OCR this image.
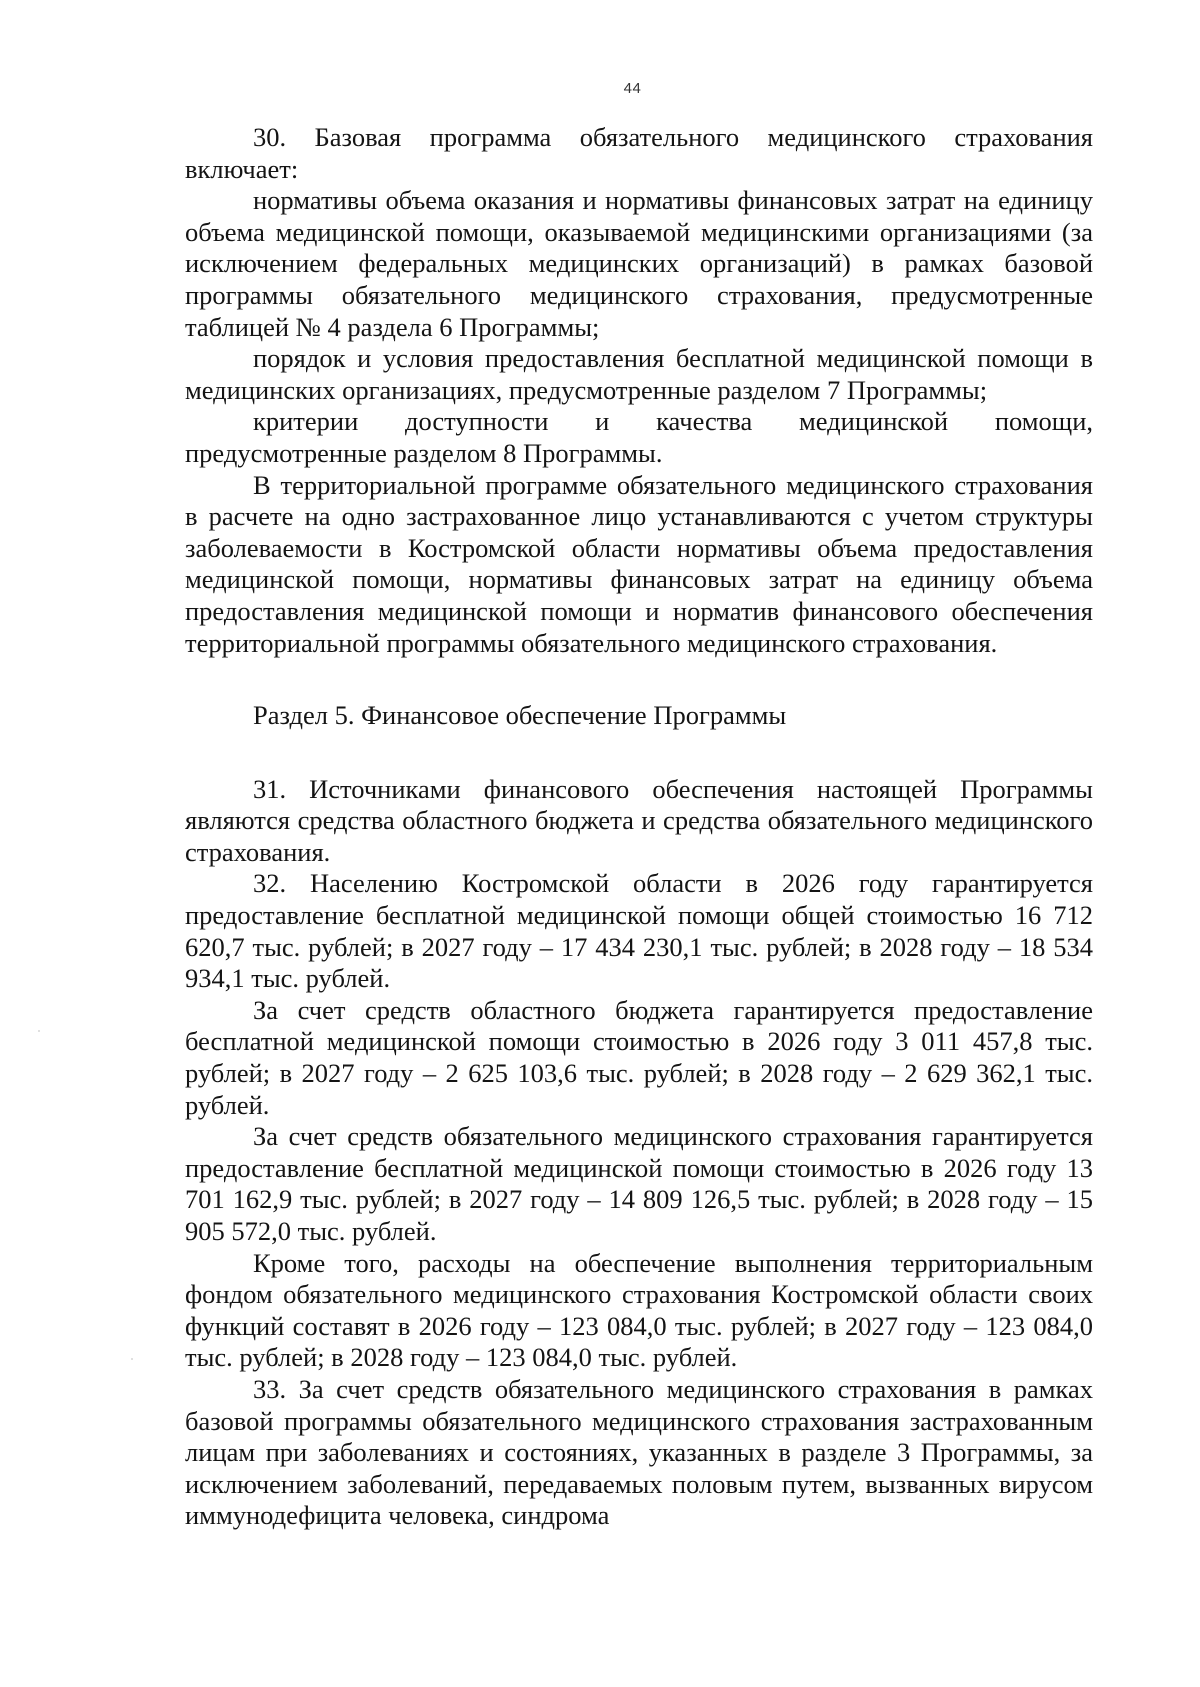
44

30. Базовая программа обязательного медицинского страхования включает:

нормативы объема оказания и нормативы финансовых затрат на единицу объема медицинской помощи, оказываемой медицинскими организациями (за исключением федеральных медицинских организаций) в рамках базовой программы обязательного медицинского страхования, предусмотренные таблицей № 4 раздела 6 Программы;

порядок и условия предоставления бесплатной медицинской помощи в медицинских организациях, предусмотренные разделом 7 Программы;

критерии доступности и качества медицинской помощи, предусмотренные разделом 8 Программы.

В территориальной программе обязательного медицинского страхования в расчете на одно застрахованное лицо устанавливаются с учетом структуры заболеваемости в Костромской области нормативы объема предоставления медицинской помощи, нормативы финансовых затрат на единицу объема предоставления медицинской помощи и норматив финансового обеспечения территориальной программы обязательного медицинского страхования.

Раздел 5. Финансовое обеспечение Программы

31. Источниками финансового обеспечения настоящей Программы являются средства областного бюджета и средства обязательного медицинского страхования.

32. Населению Костромской области в 2026 году гарантируется предоставление бесплатной медицинской помощи общей стоимостью 16 712 620,7 тыс. рублей; в 2027 году – 17 434 230,1 тыс. рублей; в 2028 году – 18 534 934,1 тыс. рублей.

За счет средств областного бюджета гарантируется предоставление бесплатной медицинской помощи стоимостью в 2026 году 3 011 457,8 тыс. рублей; в 2027 году – 2 625 103,6 тыс. рублей; в 2028 году – 2 629 362,1 тыс. рублей.

За счет средств обязательного медицинского страхования гарантируется предоставление бесплатной медицинской помощи стоимостью в 2026 году 13 701 162,9 тыс. рублей; в 2027 году – 14 809 126,5 тыс. рублей; в 2028 году – 15 905 572,0 тыс. рублей.

Кроме того, расходы на обеспечение выполнения территориальным фондом обязательного медицинского страхования Костромской области своих функций составят в 2026 году – 123 084,0 тыс. рублей; в 2027 году – 123 084,0 тыс. рублей; в 2028 году – 123 084,0 тыс. рублей.

33. За счет средств обязательного медицинского страхования в рамках базовой программы обязательного медицинского страхования застрахованным лицам при заболеваниях и состояниях, указанных в разделе 3 Программы, за исключением заболеваний, передаваемых половым путем, вызванных вирусом иммунодефицита человека, синдрома
